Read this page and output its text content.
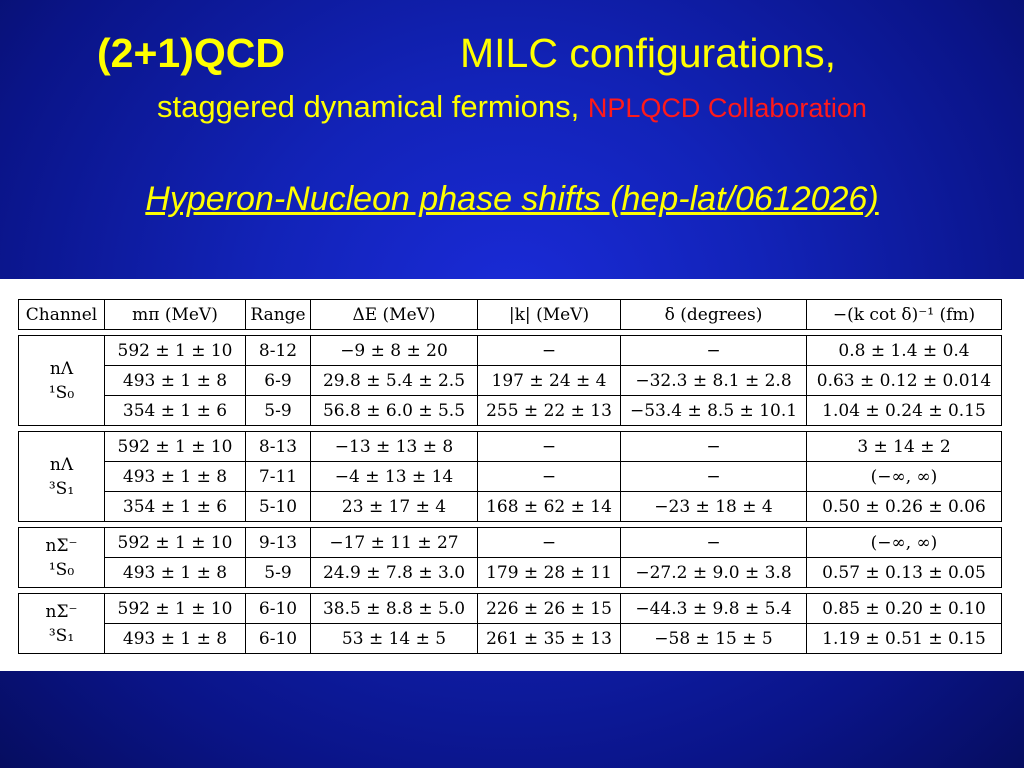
(2+1)QCD	MILC configurations,
staggered dynamical fermions, NPLQCD Collaboration
Hyperon-Nucleon phase shifts (hep-lat/0612026)
Channel	mπ (MeV)	Range	ΔE (MeV)	|k| (MeV)	δ (degrees)	−(k cot δ)⁻¹ (fm)

nΛ
¹S₀	592 ± 1 ± 10	8-12	−9 ± 8 ± 20	−	−	0.8 ± 1.4 ± 0.4
	493 ± 1 ± 8	6-9	29.8 ± 5.4 ± 2.5	197 ± 24 ± 4	−32.3 ± 8.1 ± 2.8	0.63 ± 0.12 ± 0.014
	354 ± 1 ± 6	5-9	56.8 ± 6.0 ± 5.5	255 ± 22 ± 13	−53.4 ± 8.5 ± 10.1	1.04 ± 0.24 ± 0.15

nΛ
³S₁	592 ± 1 ± 10	8-13	−13 ± 13 ± 8	−	−	3 ± 14 ± 2
	493 ± 1 ± 8	7-11	−4 ± 13 ± 14	−	−	(−∞, ∞)
	354 ± 1 ± 6	5-10	23 ± 17 ± 4	168 ± 62 ± 14	−23 ± 18 ± 4	0.50 ± 0.26 ± 0.06

nΣ⁻
¹S₀	592 ± 1 ± 10	9-13	−17 ± 11 ± 27	−	−	(−∞, ∞)
	493 ± 1 ± 8	5-9	24.9 ± 7.8 ± 3.0	179 ± 28 ± 11	−27.2 ± 9.0 ± 3.8	0.57 ± 0.13 ± 0.05

nΣ⁻
³S₁	592 ± 1 ± 10	6-10	38.5 ± 8.8 ± 5.0	226 ± 26 ± 15	−44.3 ± 9.8 ± 5.4	0.85 ± 0.20 ± 0.10
	493 ± 1 ± 8	6-10	53 ± 14 ± 5	261 ± 35 ± 13	−58 ± 15 ± 5	1.19 ± 0.51 ± 0.15
